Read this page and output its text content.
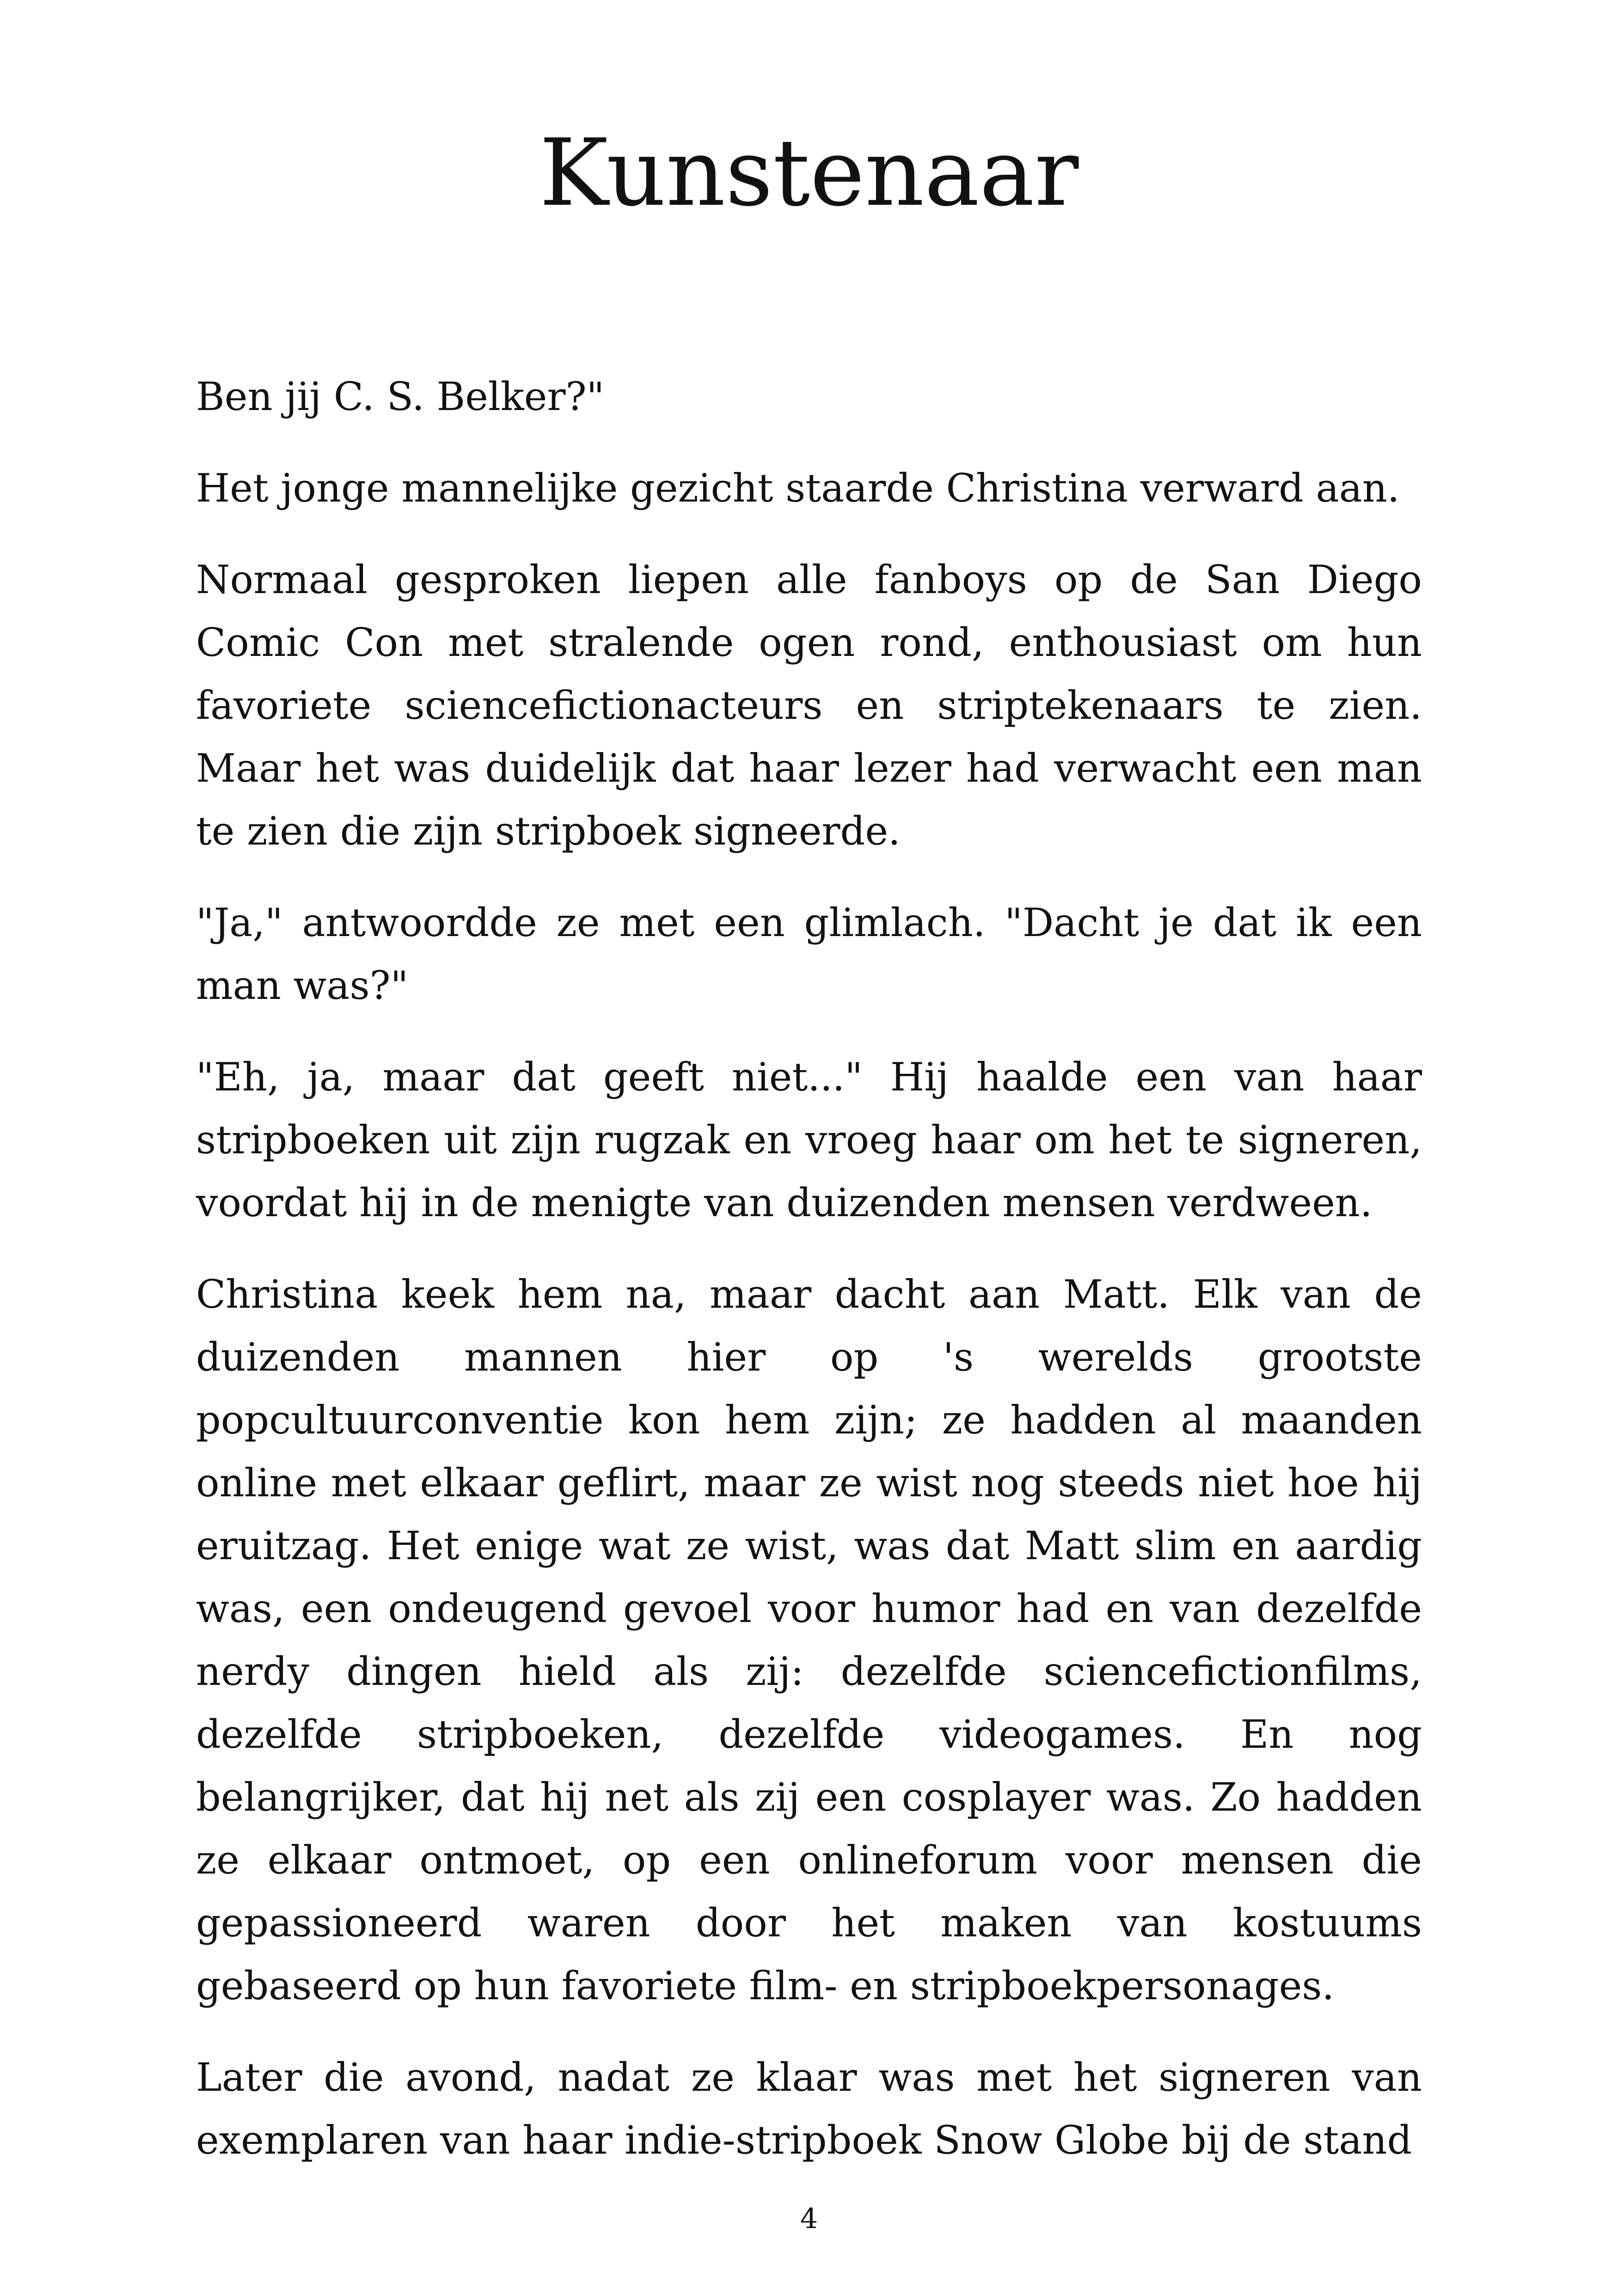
Kunstenaar

Ben jij C. S. Belker?"

Het jonge mannelijke gezicht staarde Christina verward aan.

Normaal gesproken liepen alle fanboys op de San Diego Comic Con met stralende ogen rond, enthousiast om hun favoriete sciencefictionacteurs en striptekenaars te zien. Maar het was duidelijk dat haar lezer had verwacht een man te zien die zijn stripboek signeerde.

"Ja," antwoordde ze met een glimlach. "Dacht je dat ik een man was?"

"Eh, ja, maar dat geeft niet..." Hij haalde een van haar stripboeken uit zijn rugzak en vroeg haar om het te signeren, voordat hij in de menigte van duizenden mensen verdween.

Christina keek hem na, maar dacht aan Matt. Elk van de duizenden mannen hier op 's werelds grootste popcultuurconventie kon hem zijn; ze hadden al maanden online met elkaar geflirt, maar ze wist nog steeds niet hoe hij eruitzag. Het enige wat ze wist, was dat Matt slim en aardig was, een ondeugend gevoel voor humor had en van dezelfde nerdy dingen hield als zij: dezelfde sciencefictionfilms, dezelfde stripboeken, dezelfde videogames. En nog belangrijker, dat hij net als zij een cosplayer was. Zo hadden ze elkaar ontmoet, op een onlineforum voor mensen die gepassioneerd waren door het maken van kostuums gebaseerd op hun favoriete film- en stripboekpersonages.

Later die avond, nadat ze klaar was met het signeren van exemplaren van haar indie-stripboek Snow Globe bij de stand

4
